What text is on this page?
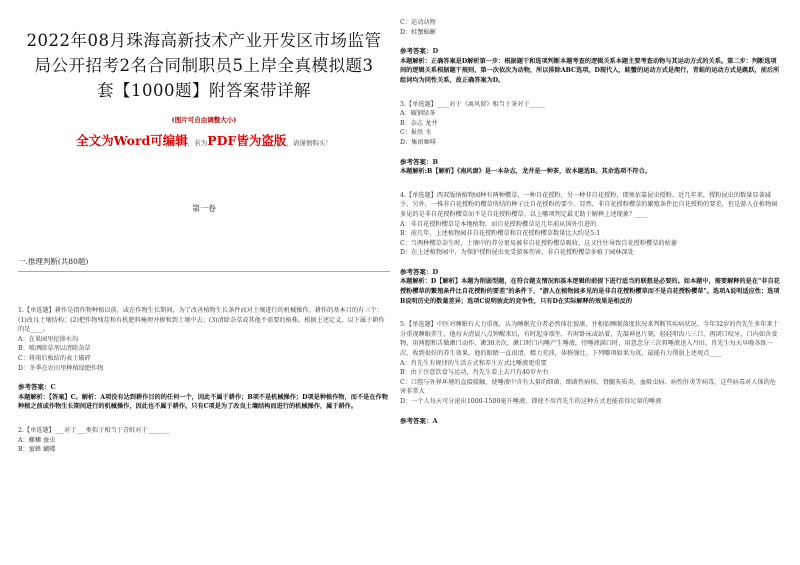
2022年08月珠海高新技术产业开发区市场监管
局公开招考2名合同制职员5上岸全真模拟题3
套【1000题】附答案带详解
(图片可自由调整大小)
全文为Word可编辑，若为PDF皆为盗版，请谨慎购买！
第一卷
一.推理判断(共80题)

1.【单选题】耕作是指作物种植以前，或在作物生长期间，为了改善植物生长条件而对土壤进行的机械操作。耕作的基本目的有三个：(1)改良土壤结构；(2)把作物残茬和有机肥料掩埋并掺和到土壤中去；(3)清除杂草或其他不需要的植株。根据上述定义，以下属于耕作的是____。

A：在果园里挖排水沟

B：喷洒除草剂以清除杂草

C：将雨后板结的表土破碎

D：冬季在农田里种植绿肥作物

参考答案：C

本题解析：【答案】C。解析：A项没有达到耕作目的的任何一个，因此不属于耕作；B项不是机械操作；D项是种植作物，而不是在作物种植之前或作物生长期间进行的机械操作，因此也不属于耕作。只有C项是为了改良土壤结构而进行的机械操作，属于耕作。

2.【单选题】___对于___类似于相当于青蛙对于_______

A：螺蛳 蚕虫

B：蜜蜂 蝴蝶

C：运动动物

D：蛙蟹蜗蜥

参考答案：D

本题解析：正确答案是D解析第一步：根据题干和选项判断本题考查的逻辑关系本题主要考查动物与其运动方式的关系。第二步：判断选项间的逻辑关系根据题干规则，第一次依次为动物，所以排除ABC选项。D现代入，蛙蟹的运动方式是爬行，青蛙的运动方式是跳跃，前后所组词均为同性关系，故正确答案为D。

3.【单选题】____对于《离风留》相当于茶对于_____

A：碾钢绿茶

B：杂志 龙井

C：报纸 水

D：集团咖啡

参考答案：B

本题解析:B【解析】《南风窗》是一本杂志，龙井是一种茶，故本题选B。其余选项不符合。

4.【单选题】西双版纳植物园种有两种樱草，一种自花授粉，另一种非自花授粉，即须依靠昆虫授粉。近几年来，授粉昆虫的数量显著减少，另外，一株非自花授粉的樱草所结的种子比自花授粉的要少。显然，非自花授粉樱草的繁殖条件比自花授粉的要差，但是游人在植物园多见的是非自花授粉樱草而不是自花授粉樱草。以上哪项判定最无助于解释上述现象？____

A：非自花授粉樱草是本地植物，而自花授粉樱草是几年前从国外引进的

B：前几年，上述植物园非自花授粉樱草和自花授粉樱草数量比大约是5:1

C：当两种樱草杂生时，土壤中的养分更易被非自花授粉樱草吸收，这又往往导致自花授粉樱草的枯萎

D：在上述植物园中，为保护授粉昆虫免受游客伤害，非自花授粉樱草多植于园林深处

参考答案：D

本题解析：D【解析】本题为削弱型题，在符合题支情况和基本逻辑的前提下进行适当的联想是必要的。如本题中，需要解释的是在"非自花授粉樱草的繁殖条件比自花授粉的要差"的条件下，"游人在植物园多见的是非自花授粉樱草而不是自花授粉樱草"。选项A说明适应性；选项B说明历史的数量差异；选项C说明彼此的竞争性，只有D在实际解释的效果是相反的

5.【单选题】中医对睡眠有大力重视，认为睡眠充分者必然体壮貌康，并相依睡眠落度状况来判断其疾病状况。今年32岁的肖先生多年来十分重视睡眠养生，他每天清晨八点钟醒来后，有时起身端坐，有时卧床或站着，先凝神息片刻，轻轻叩齿八三口，再闭口咬牙，口内如含食物，用两腮和舌做漱口动作，漱30余次，漱口时口内唾产生唾液，待唾液满口时，用意念分三次将唾液送入丹田。肖先生每天早晚各练一次，收到很好的养生效果，他的眼睛一直很清，精力充沛，体格强壮。下列哪项如果为真，最能有力削弱上述观点____

A：肖先生有规律的生活方式和养生方式比唾液更重要

B：由于注意饮食与运动，肖先生看上去只有40岁左右

C：口腔与外界环境的直接接触，使唾液中含有大量的细菌、细菌性病疾、脊髓灰质炎、血吸虫病、病性肝炎等病毒，这些病毒对人体的危害非常大

D：一个人每天可分泌出1000-1500毫升唾液，即使不用肖先生的这种方式也能获得足量的唾液

参考答案：A
